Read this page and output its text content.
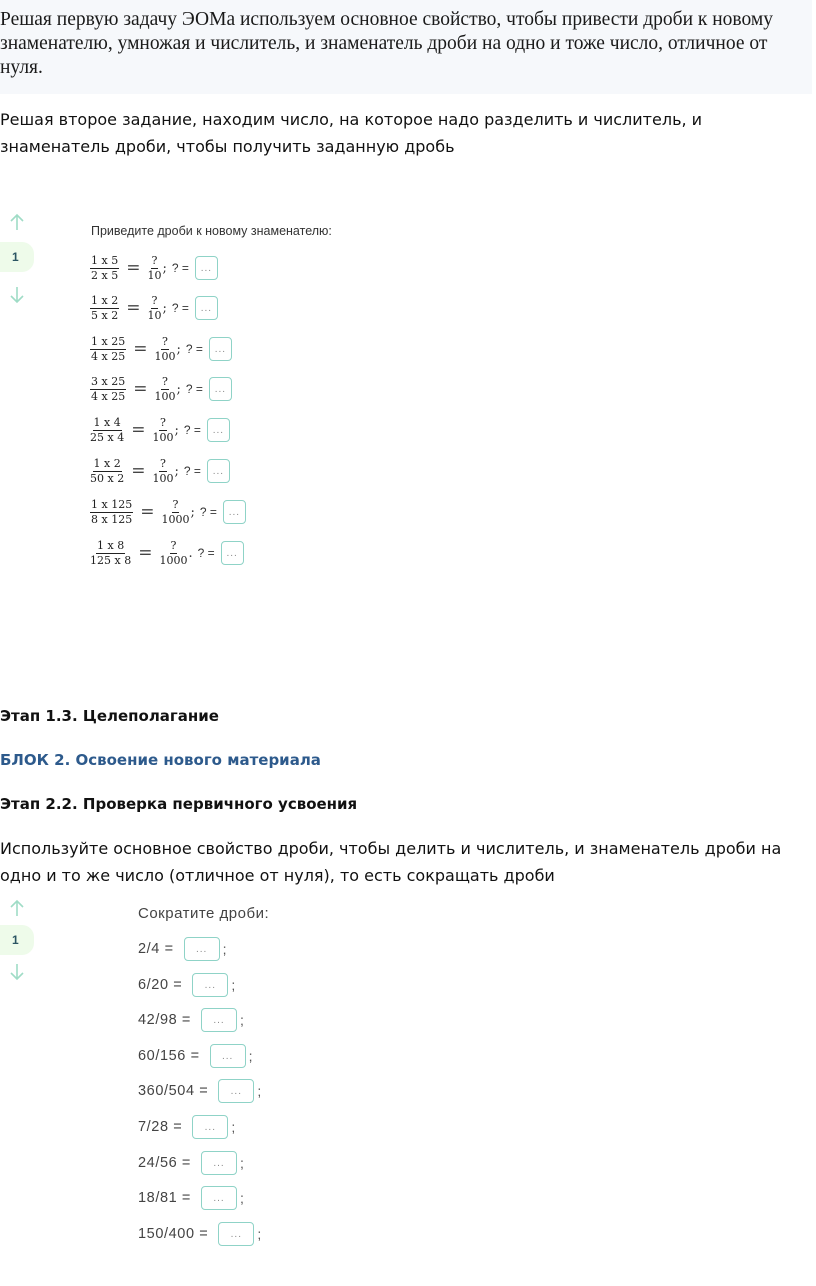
Решая первую задачу ЭОМа используем основное свойство, чтобы привести дроби к новому знаменателю, умножая и числитель, и знаменатель дроби на одно и тоже число, отличное от нуля.
Решая второе задание, находим число, на которое надо разделить и числитель, и знаменатель дроби, чтобы получить заданную дробь
1
Приведите дроби к новому знаменателю:
$\frac{1 x 5}{2 x 5} = \frac{?}{10}$ ; ? =	...
$\frac{1 x 2}{5 x 2} = \frac{?}{10}$ ; ? =	...
$\frac{1 x 25}{4 x 25} = \frac{?}{100}$ ; ? =	...
$\frac{3 x 25}{4 x 25} = \frac{?}{100}$ ; ? =	...
$\frac{1 x 4}{25 x 4} = \frac{?}{100}$ ; ? =	...
$\frac{1 x 2}{50 x 2} = \frac{?}{100}$ ; ? =	...
$\frac{1 x 125}{8 x 125} = \frac{?}{1000}$ ; ? =	...
$\frac{1 x 8}{125 x 8} = \frac{?}{1000}$ . ? =	...
Этап 1.3. Целеполагание
БЛОК 2. Освоение нового материала
Этап 2.2. Проверка первичного усвоения
Используйте основное свойство дроби, чтобы делить и числитель, и знаменатель дроби на одно и то же число (отличное от нуля), то есть сокращать дроби
1
Сократите дроби:
2/4 =	...	;
6/20 =	...	;
42/98 =	...	;
60/156 =	...	;
360/504 =	...	;
7/28 =	...	;
24/56 =	...	;
18/81 =	...	;
150/400 =	...	;
